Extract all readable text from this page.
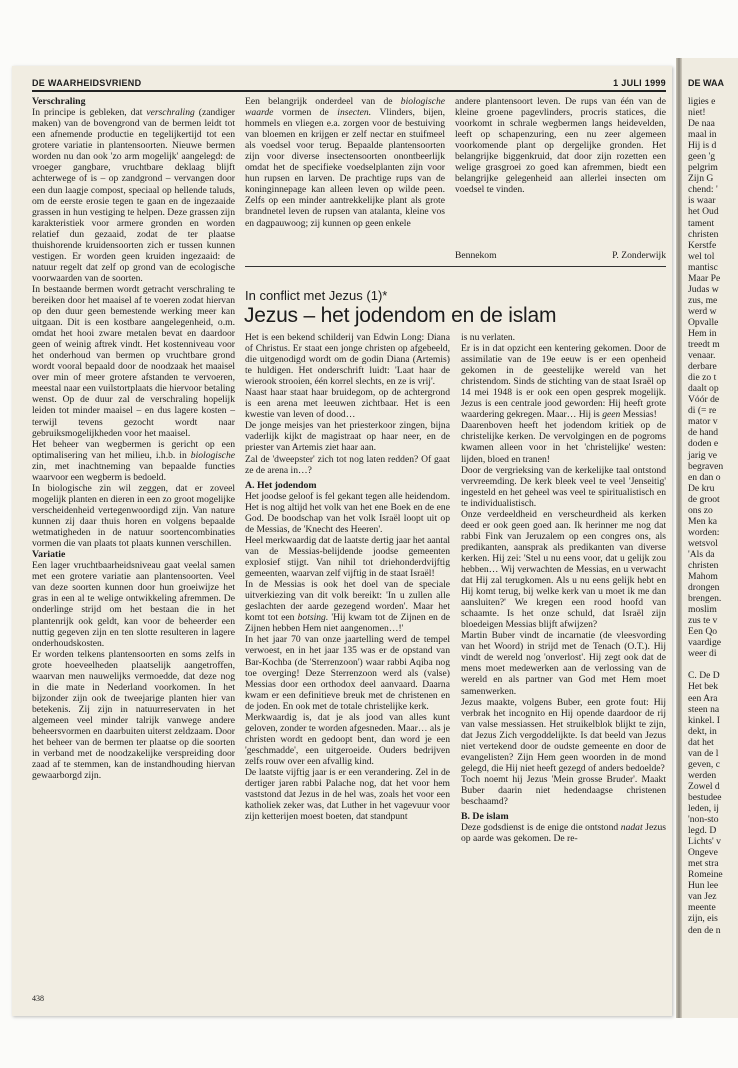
DE WAARHEIDSVRIEND	1 JULI 1999
Verschraling

In principe is gebleken, dat verschraling (zandiger maken) van de bovengrond van de bermen leidt tot een afnemende productie en tegelijkertijd tot een grotere variatie in plantensoorten. Nieuwe bermen worden nu dan ook 'zo arm mogelijk' aangelegd: de vroeger gangbare, vruchtbare deklaag blijft achterwege of is – op zandgrond – vervangen door een dun laagje compost, speciaal op hellende taluds, om de eerste erosie tegen te gaan en de ingezaaide grassen in hun vestiging te helpen. Deze grassen zijn karakteristiek voor armere gronden en worden relatief dun gezaaid, zodat de ter plaatse thuishorende kruidensoorten zich er tussen kunnen vestigen. Er worden geen kruiden ingezaaid: de natuur regelt dat zelf op grond van de ecologische voorwaarden van de soorten.

In bestaande bermen wordt getracht verschraling te bereiken door het maaisel af te voeren zodat hiervan op den duur geen bemestende werking meer kan uitgaan. Dit is een kostbare aangelegenheid, o.m. omdat het hooi zware metalen bevat en daardoor geen of weinig aftrek vindt. Het kostenniveau voor het onderhoud van bermen op vruchtbare grond wordt vooral bepaald door de noodzaak het maaisel over min of meer grotere afstanden te vervoeren, meestal naar een vuilstortplaats die hiervoor betaling wenst. Op de duur zal de verschraling hopelijk leiden tot minder maaisel – en dus lagere kosten – terwijl tevens gezocht wordt naar gebruiksmogelijkheden voor het maaisel.

Het beheer van wegbermen is gericht op een optimalisering van het milieu, i.h.b. in biologische zin, met inachtneming van bepaalde functies waarvoor een wegberm is bedoeld.

In biologische zin wil zeggen, dat er zoveel mogelijk planten en dieren in een zo groot mogelijke verscheidenheid vertegenwoordigd zijn. Van nature kunnen zij daar thuis horen en volgens bepaalde wetmatigheden in de natuur soortencombinaties vormen die van plaats tot plaats kunnen verschillen.

Variatie

Een lager vruchtbaarheidsniveau gaat veelal samen met een grotere variatie aan plantensoorten. Veel van deze soorten kunnen door hun groeiwijze het gras in een al te welige ontwikkeling afremmen. De onderlinge strijd om het bestaan die in het plantenrijk ook geldt, kan voor de beheerder een nuttig gegeven zijn en ten slotte resulteren in lagere onderhoudskosten.

Er worden telkens plantensoorten en soms zelfs in grote hoeveelheden plaatselijk aangetroffen, waarvan men nauwelijks vermoedde, dat deze nog in die mate in Nederland voorkomen. In het bijzonder zijn ook de tweejarige planten hier van betekenis. Zij zijn in natuurreservaten in het algemeen veel minder talrijk vanwege andere beheersvormen en daarbuiten uiterst zeldzaam. Door het beheer van de bermen ter plaatse op die soorten in verband met de noodzakelijke verspreiding door zaad af te stemmen, kan de instandhouding hiervan gewaarborgd zijn.

Een belangrijk onderdeel van de biologische waarde vormen de insecten. Vlinders, bijen, hommels en vliegen e.a. zorgen voor de bestuiving van bloemen en krijgen er zelf nectar en stuifmeel als voedsel voor terug. Bepaalde plantensoorten zijn voor diverse insectensoorten onontbeerlijk omdat het de specifieke voedselplanten zijn voor hun rupsen en larven. De prachtige rups van de koninginnepage kan alleen leven op wilde peen. Zelfs op een minder aantrekkelijke plant als grote brandnetel leven de rupsen van atalanta, kleine vos en dagpauwoog; zij kunnen op geen enkele

andere plantensoort leven. De rups van één van de kleine groene pagevlinders, procris statices, die voorkomt in schrale wegbermen langs heidevelden, leeft op schapenzuring, een nu zeer algemeen voorkomende plant op dergelijke gronden. Het belangrijke biggenkruid, dat door zijn rozetten een welige grasgroei zo goed kan afremmen, biedt een belangrijke gelegenheid aan allerlei insecten om voedsel te vinden.

Bennekom	P. Zonderwijk
In conflict met Jezus (1)*
Jezus – het jodendom en de islam

Het is een bekend schilderij van Edwin Long: Diana of Christus. Er staat een jonge christen op afgebeeld, die uitgenodigd wordt om de godin Diana (Artemis) te huldigen. Het onderschrift luidt: 'Laat haar de wierook strooien, één korrel slechts, en ze is vrij'.

Naast haar staat haar bruidegom, op de achtergrond is een arena met leeuwen zichtbaar. Het is een kwestie van leven of dood…

De jonge meisjes van het priesterkoor zingen, bijna vaderlijk kijkt de magistraat op haar neer, en de priester van Artemis ziet haar aan.

Zal de 'dweepster' zich tot nog laten redden? Of gaat ze de arena in…?

A. Het jodendom

Het joodse geloof is fel gekant tegen alle heidendom. Het is nog altijd het volk van het ene Boek en de ene God. De boodschap van het volk Israël loopt uit op de Messias, de 'Knecht des Heeren'.

Heel merkwaardig dat de laatste dertig jaar het aantal van de Messias-belijdende joodse gemeenten explosief stijgt. Van nihil tot driehonderdvijftig gemeenten, waarvan zelf vijftig in de staat Israël!

In de Messias is ook het doel van de speciale uitverkiezing van dit volk bereikt: 'In u zullen alle geslachten der aarde gezegend worden'. Maar het komt tot een botsing. 'Hij kwam tot de Zijnen en de Zijnen hebben Hem niet aangenomen…!'

In het jaar 70 van onze jaartelling werd de tempel verwoest, en in het jaar 135 was er de opstand van Bar-Kochba (de 'Sterrenzoon') waar rabbi Aqiba nog toe overging! Deze Sterrenzoon werd als (valse) Messias door een orthodox deel aanvaard. Daarna kwam er een definitieve breuk met de christenen en de joden. En ook met de totale christelijke kerk.

Merkwaardig is, dat je als jood van alles kunt geloven, zonder te worden afgesneden. Maar… als je christen wordt en gedoopt bent, dan word je een 'geschmadde', een uitgeroeide. Ouders bedrijven zelfs rouw over een afvallig kind.

De laatste vijftig jaar is er een verandering. Zel in de dertiger jaren rabbi Palache nog, dat het voor hem vaststond dat Jezus in de hel was, zoals het voor een katholiek zeker was, dat Luther in het vagevuur voor zijn ketterijen moest boeten, dat standpunt

is nu verlaten.

Er is in dat opzicht een kentering gekomen. Door de assimilatie van de 19e eeuw is er een openheid gekomen in de geestelijke wereld van het christendom. Sinds de stichting van de staat Israël op 14 mei 1948 is er ook een open gesprek mogelijk. Jezus is een centrale jood geworden: Hij heeft grote waardering gekregen. Maar… Hij is geen Messias!

Daarenboven heeft het jodendom kritiek op de christelijke kerken. De vervolgingen en de pogroms kwamen alleen voor in het 'christelijke' westen: lijden, bloed en tranen!

Door de vergrieksing van de kerkelijke taal ontstond vervreemding. De kerk bleek veel te veel 'Jenseitig' ingesteld en het geheel was veel te spiritualistisch en te individualistisch.

Onze verdeeldheid en verscheurdheid als kerken deed er ook geen goed aan. Ik herinner me nog dat rabbi Fink van Jeruzalem op een congres ons, als predikanten, aansprak als predikanten van diverse kerken. Hij zei: 'Stel u nu eens voor, dat u gelijk zou hebben… Wij verwachten de Messias, en u verwacht dat Hij zal terugkomen. Als u nu eens gelijk hebt en Hij komt terug, bij welke kerk van u moet ik me dan aansluiten?' We kregen een rood hoofd van schaamte. Is het onze schuld, dat Israël zijn bloedeigen Messias blijft afwijzen?

Martin Buber vindt de incarnatie (de vleesvording van het Woord) in strijd met de Tenach (O.T.). Hij vindt de wereld nog 'onverlost'. Hij zegt ook dat de mens moet medewerken aan de verlossing van de wereld en als partner van God met Hem moet samenwerken.

Jezus maakte, volgens Buber, een grote fout: Hij verbrak het incognito en Hij opende daardoor de rij van valse messiassen. Het struikelblok blijkt te zijn, dat Jezus Zich vergoddelijkte. Is dat beeld van Jezus niet vertekend door de oudste gemeente en door de evangelisten? Zijn Hem geen woorden in de mond gelegd, die Hij niet heeft gezegd of anders bedoelde?

Toch noemt hij Jezus 'Mein grosse Bruder'. Maakt Buber daarin niet hedendaagse christenen beschaamd?

B. De islam

Deze godsdienst is de enige die ontstond nadat Jezus op aarde was gekomen. De re-

438
DE WAA
ligies e
niet!
De naa
maal in
Hij is d
geen 'g
pelgrim
Zijn G
chend: '
is waar
het Oud
tament
christen
Kerstfe
wel tol
mantisc
Maar Pe
Judas w
zus, me
werd w
Opvalle
Hem in
treedt m
venaar.
derbare
die zo t
daalt op
Vóór de
di (= re
mator v
de hand
doden e
jarig ve
begraven
en dan o
De kru
de groot
ons zo
Men ka
worden:
wetsvol
'Als da
christen
Mahom
drongen
brengen.
moslim
zus te v
Een Qo
vaardige
weer di

C. De D
Het bek
een Ara
steen na
kinkel. I
dekt, in
dat het
van de l
geven, c
werden
Zowel d
bestudee
leden, ij
'non-sto
legd. D
Lichts' v
Ongeve
met stra
Romeine
Hun lee
van Jez
meente
zijn, eis
den de n
